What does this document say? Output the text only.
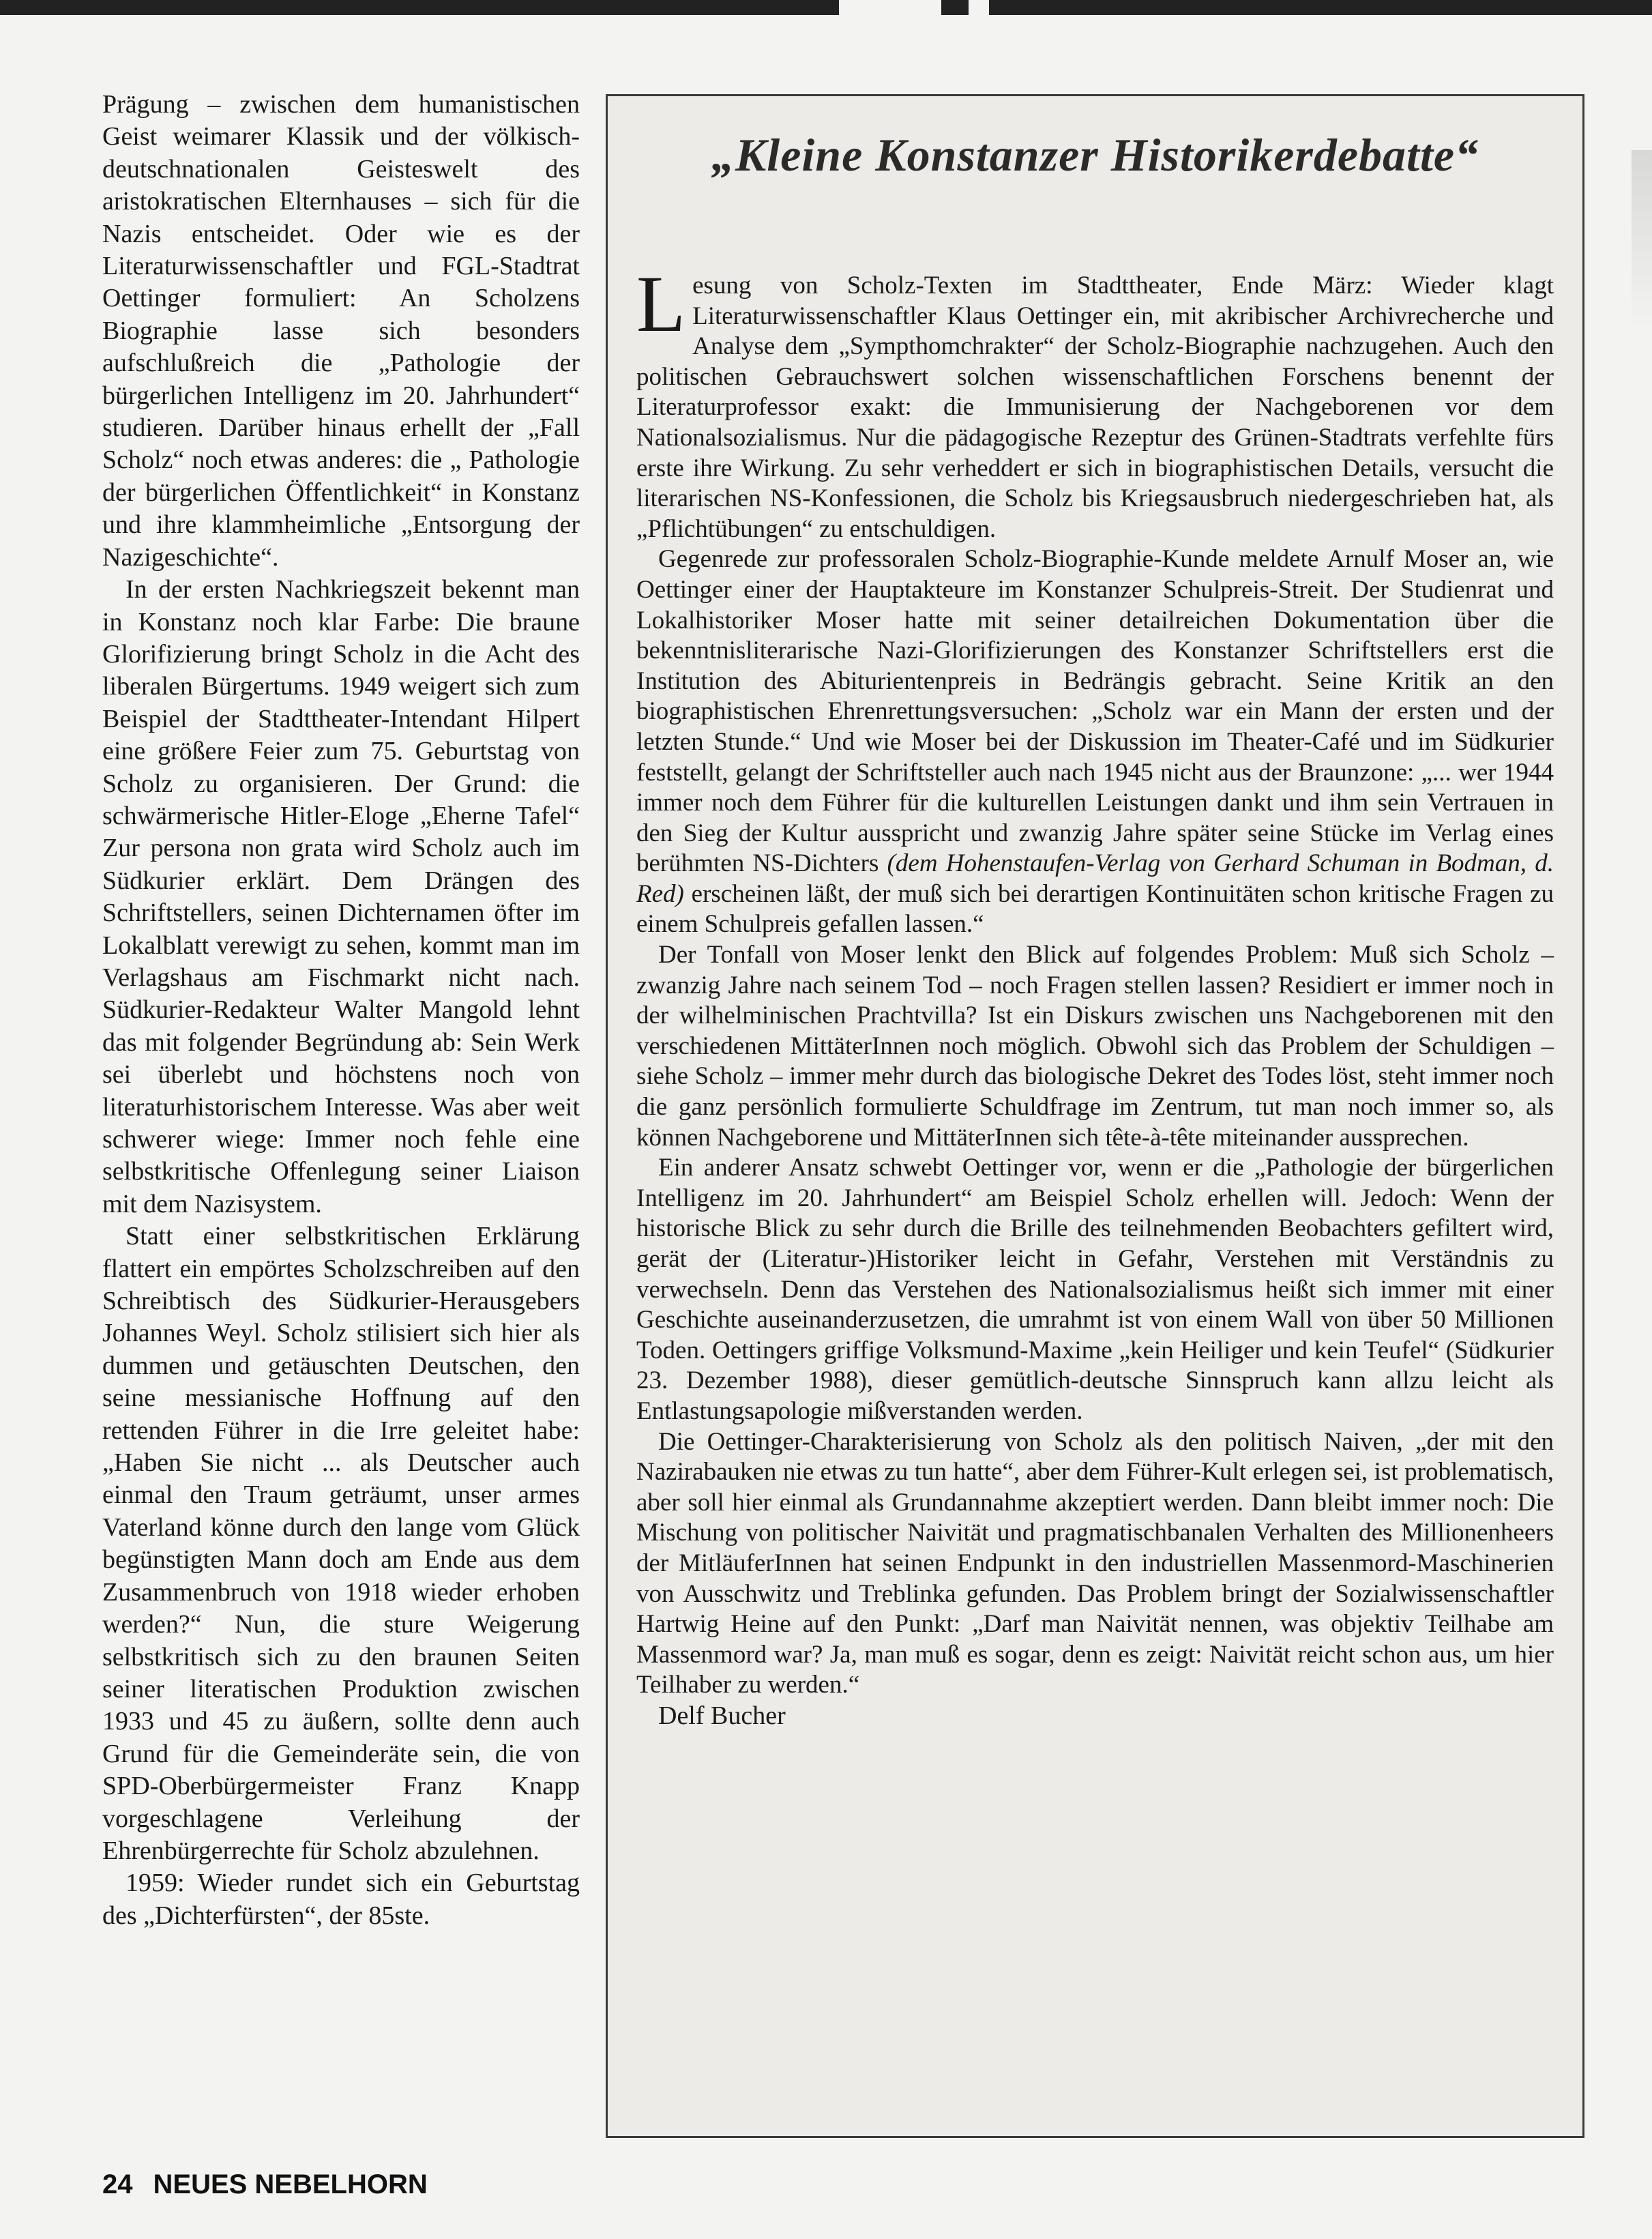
Prägung – zwischen dem humanistischen Geist weimarer Klassik und der völkisch-deutschnationalen Geisteswelt des aristokratischen Elternhauses – sich für die Nazis entscheidet. Oder wie es der Literaturwissenschaftler und FGL-Stadtrat Oettinger formuliert: An Scholzens Biographie lasse sich besonders aufschlußreich die „Pathologie der bürgerlichen Intelligenz im 20. Jahrhundert“ studieren. Darüber hinaus erhellt der „Fall Scholz“ noch etwas anderes: die „ Pathologie der bürgerlichen Öffentlichkeit“ in Konstanz und ihre klammheimliche „Entsorgung der Nazigeschichte“.

In der ersten Nachkriegszeit bekennt man in Konstanz noch klar Farbe: Die braune Glorifizierung bringt Scholz in die Acht des liberalen Bürgertums. 1949 weigert sich zum Beispiel der Stadttheater-Intendant Hilpert eine größere Feier zum 75. Geburtstag von Scholz zu organisieren. Der Grund: die schwärmerische Hitler-Eloge „Eherne Tafel“ Zur persona non grata wird Scholz auch im Südkurier erklärt. Dem Drängen des Schriftstellers, seinen Dichternamen öfter im Lokalblatt verewigt zu sehen, kommt man im Verlagshaus am Fischmarkt nicht nach. Südkurier-Redakteur Walter Mangold lehnt das mit folgender Begründung ab: Sein Werk sei überlebt und höchstens noch von literaturhistorischem Interesse. Was aber weit schwerer wiege: Immer noch fehle eine selbstkritische Offenlegung seiner Liaison mit dem Nazisystem.

Statt einer selbstkritischen Erklärung flattert ein empörtes Scholzschreiben auf den Schreibtisch des Südkurier-Herausgebers Johannes Weyl. Scholz stilisiert sich hier als dummen und getäuschten Deutschen, den seine messianische Hoffnung auf den rettenden Führer in die Irre geleitet habe: „Haben Sie nicht ... als Deutscher auch einmal den Traum geträumt, unser armes Vaterland könne durch den lange vom Glück begünstigten Mann doch am Ende aus dem Zusammenbruch von 1918 wieder erhoben werden?“ Nun, die sture Weigerung selbstkritisch sich zu den braunen Seiten seiner literatischen Produktion zwischen 1933 und 45 zu äußern, sollte denn auch Grund für die Gemeinderäte sein, die von SPD-Oberbürgermeister Franz Knapp vorgeschlagene Verleihung der Ehrenbürgerrechte für Scholz abzulehnen.

1959: Wieder rundet sich ein Geburtstag des „Dichterfürsten“, der 85ste.

„Kleine Konstanzer Historikerdebatte“

Lesung von Scholz-Texten im Stadttheater, Ende März: Wieder klagt Literaturwissenschaftler Klaus Oettinger ein, mit akribischer Archivrecherche und Analyse dem „Sympthomchrakter“ der Scholz-Biographie nachzugehen. Auch den politischen Gebrauchswert solchen wissenschaftlichen Forschens benennt der Literaturprofessor exakt: die Immunisierung der Nachgeborenen vor dem Nationalsozialismus. Nur die pädagogische Rezeptur des Grünen-Stadtrats verfehlte fürs erste ihre Wirkung. Zu sehr verheddert er sich in biographistischen Details, versucht die literarischen NS-Konfessionen, die Scholz bis Kriegsausbruch niedergeschrieben hat, als „Pflichtübungen“ zu entschuldigen.

Gegenrede zur professoralen Scholz-Biographie-Kunde meldete Arnulf Moser an, wie Oettinger einer der Hauptakteure im Konstanzer Schulpreis-Streit. Der Studienrat und Lokalhistoriker Moser hatte mit seiner detailreichen Dokumentation über die bekenntnisliterarische Nazi-Glorifizierungen des Konstanzer Schriftstellers erst die Institution des Abiturientenpreis in Bedrängis gebracht. Seine Kritik an den biographistischen Ehrenrettungsversuchen: „Scholz war ein Mann der ersten und der letzten Stunde.“ Und wie Moser bei der Diskussion im Theater-Café und im Südkurier feststellt, gelangt der Schriftsteller auch nach 1945 nicht aus der Braunzone: „... wer 1944 immer noch dem Führer für die kulturellen Leistungen dankt und ihm sein Vertrauen in den Sieg der Kultur ausspricht und zwanzig Jahre später seine Stücke im Verlag eines berühmten NS-Dichters (dem Hohenstaufen-Verlag von Gerhard Schuman in Bodman, d. Red) erscheinen läßt, der muß sich bei derartigen Kontinuitäten schon kritische Fragen zu einem Schulpreis gefallen lassen.“

Der Tonfall von Moser lenkt den Blick auf folgendes Problem: Muß sich Scholz – zwanzig Jahre nach seinem Tod – noch Fragen stellen lassen? Residiert er immer noch in der wilhelminischen Prachtvilla? Ist ein Diskurs zwischen uns Nachgeborenen mit den verschiedenen MittäterInnen noch möglich. Obwohl sich das Problem der Schuldigen – siehe Scholz – immer mehr durch das biologische Dekret des Todes löst, steht immer noch die ganz persönlich formulierte Schuldfrage im Zentrum, tut man noch immer so, als können Nachgeborene und MittäterInnen sich tête-à-tête miteinander aussprechen.

Ein anderer Ansatz schwebt Oettinger vor, wenn er die „Pathologie der bürgerlichen Intelligenz im 20. Jahrhundert“ am Beispiel Scholz erhellen will. Jedoch: Wenn der historische Blick zu sehr durch die Brille des teilnehmenden Beobachters gefiltert wird, gerät der (Literatur-)Historiker leicht in Gefahr, Verstehen mit Verständnis zu verwechseln. Denn das Verstehen des Nationalsozialismus heißt sich immer mit einer Geschichte auseinanderzusetzen, die umrahmt ist von einem Wall von über 50 Millionen Toden. Oettingers griffige Volksmund-Maxime „kein Heiliger und kein Teufel“ (Südkurier 23. Dezember 1988), dieser gemütlich-deutsche Sinnspruch kann allzu leicht als Entlastungsapologie mißverstanden werden.

Die Oettinger-Charakterisierung von Scholz als den politisch Naiven, „der mit den Nazirabauken nie etwas zu tun hatte“, aber dem Führer-Kult erlegen sei, ist problematisch, aber soll hier einmal als Grundannahme akzeptiert werden. Dann bleibt immer noch: Die Mischung von politischer Naivität und pragmatischbanalen Verhalten des Millionenheers der MitläuferInnen hat seinen Endpunkt in den industriellen Massenmord-Maschinerien von Ausschwitz und Treblinka gefunden. Das Problem bringt der Sozialwissenschaftler Hartwig Heine auf den Punkt: „Darf man Naivität nennen, was objektiv Teilhabe am Massenmord war? Ja, man muß es sogar, denn es zeigt: Naivität reicht schon aus, um hier Teilhaber zu werden.“

Delf Bucher

24 NEUES NEBELHORN
